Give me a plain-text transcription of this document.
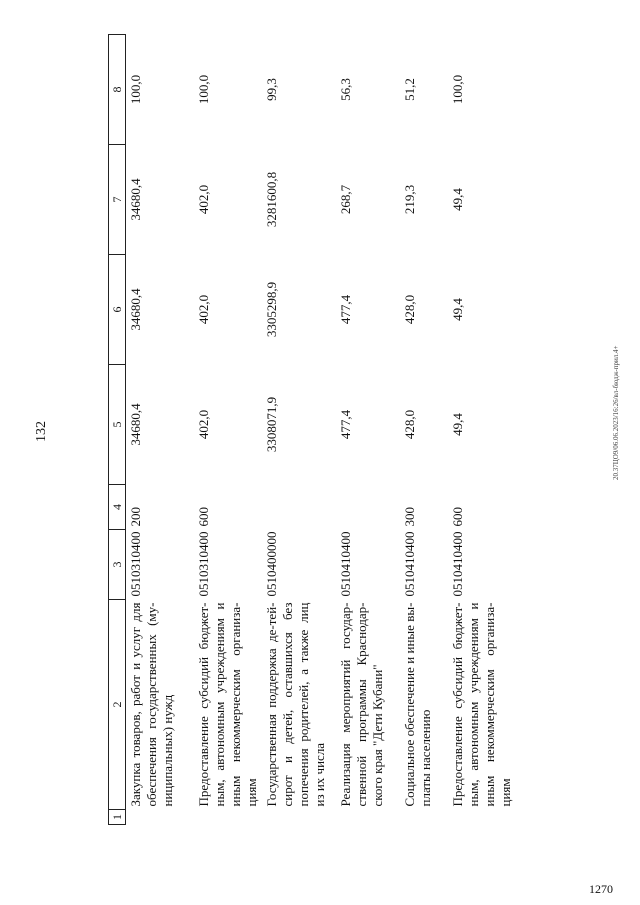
132
1	2	3	4	5	6	7	8
	Закупка товаров, работ и услуг для обеспечения государственных (му-ниципальных) нужд	0510310400	200	34680,4	34680,4	34680,4	100,0
	Предоставление субсидий бюджет-ным, автономным учреждениям и иным некоммерческим организа-циям	0510310400	600	402,0	402,0	402,0	100,0
	Государственная поддержка де-тей-сирот и детей, оставшихся без попечения родителей, а также лиц из их числа	0510400000		3308071,9	3305298,9	3281600,8	99,3
	Реализация мероприятий государ-ственной программы Краснодар-ского края "Дети Кубани"	0510410400		477,4	477,4	268,7	56,3
	Социальное обеспечение и иные вы-платы населению	0510410400	300	428,0	428,0	219,3	51,2
	Предоставление субсидий бюджет-ным, автономным учреждениям и иным некоммерческим организа-циям	0510410400	600	49,4	49,4	49,4	100,0
20.37ЦО9/06.06.2023/16:26/вл-бюдж-прил.4+
1270
